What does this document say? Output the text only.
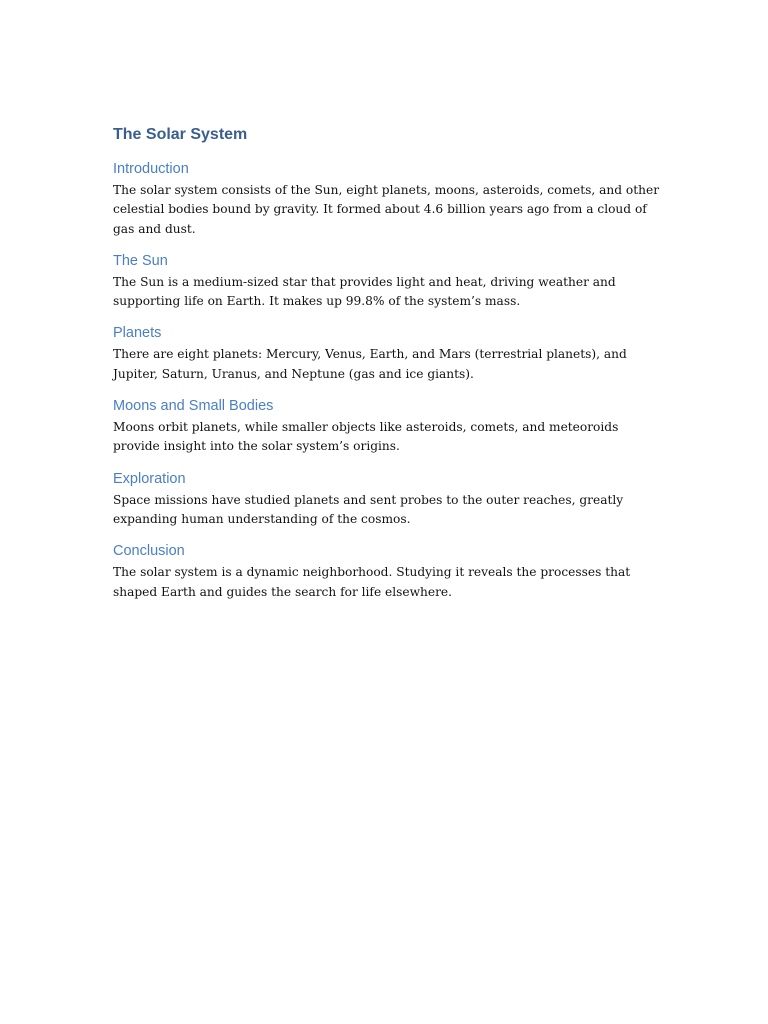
The Solar System
Introduction

The solar system consists of the Sun, eight planets, moons, asteroids, comets, and other celestial bodies bound by gravity. It formed about 4.6 billion years ago from a cloud of gas and dust.

The Sun

The Sun is a medium-sized star that provides light and heat, driving weather and supporting life on Earth. It makes up 99.8% of the system’s mass.

Planets

There are eight planets: Mercury, Venus, Earth, and Mars (terrestrial planets), and Jupiter, Saturn, Uranus, and Neptune (gas and ice giants).

Moons and Small Bodies

Moons orbit planets, while smaller objects like asteroids, comets, and meteoroids provide insight into the solar system’s origins.

Exploration

Space missions have studied planets and sent probes to the outer reaches, greatly expanding human understanding of the cosmos.

Conclusion

The solar system is a dynamic neighborhood. Studying it reveals the processes that shaped Earth and guides the search for life elsewhere.
